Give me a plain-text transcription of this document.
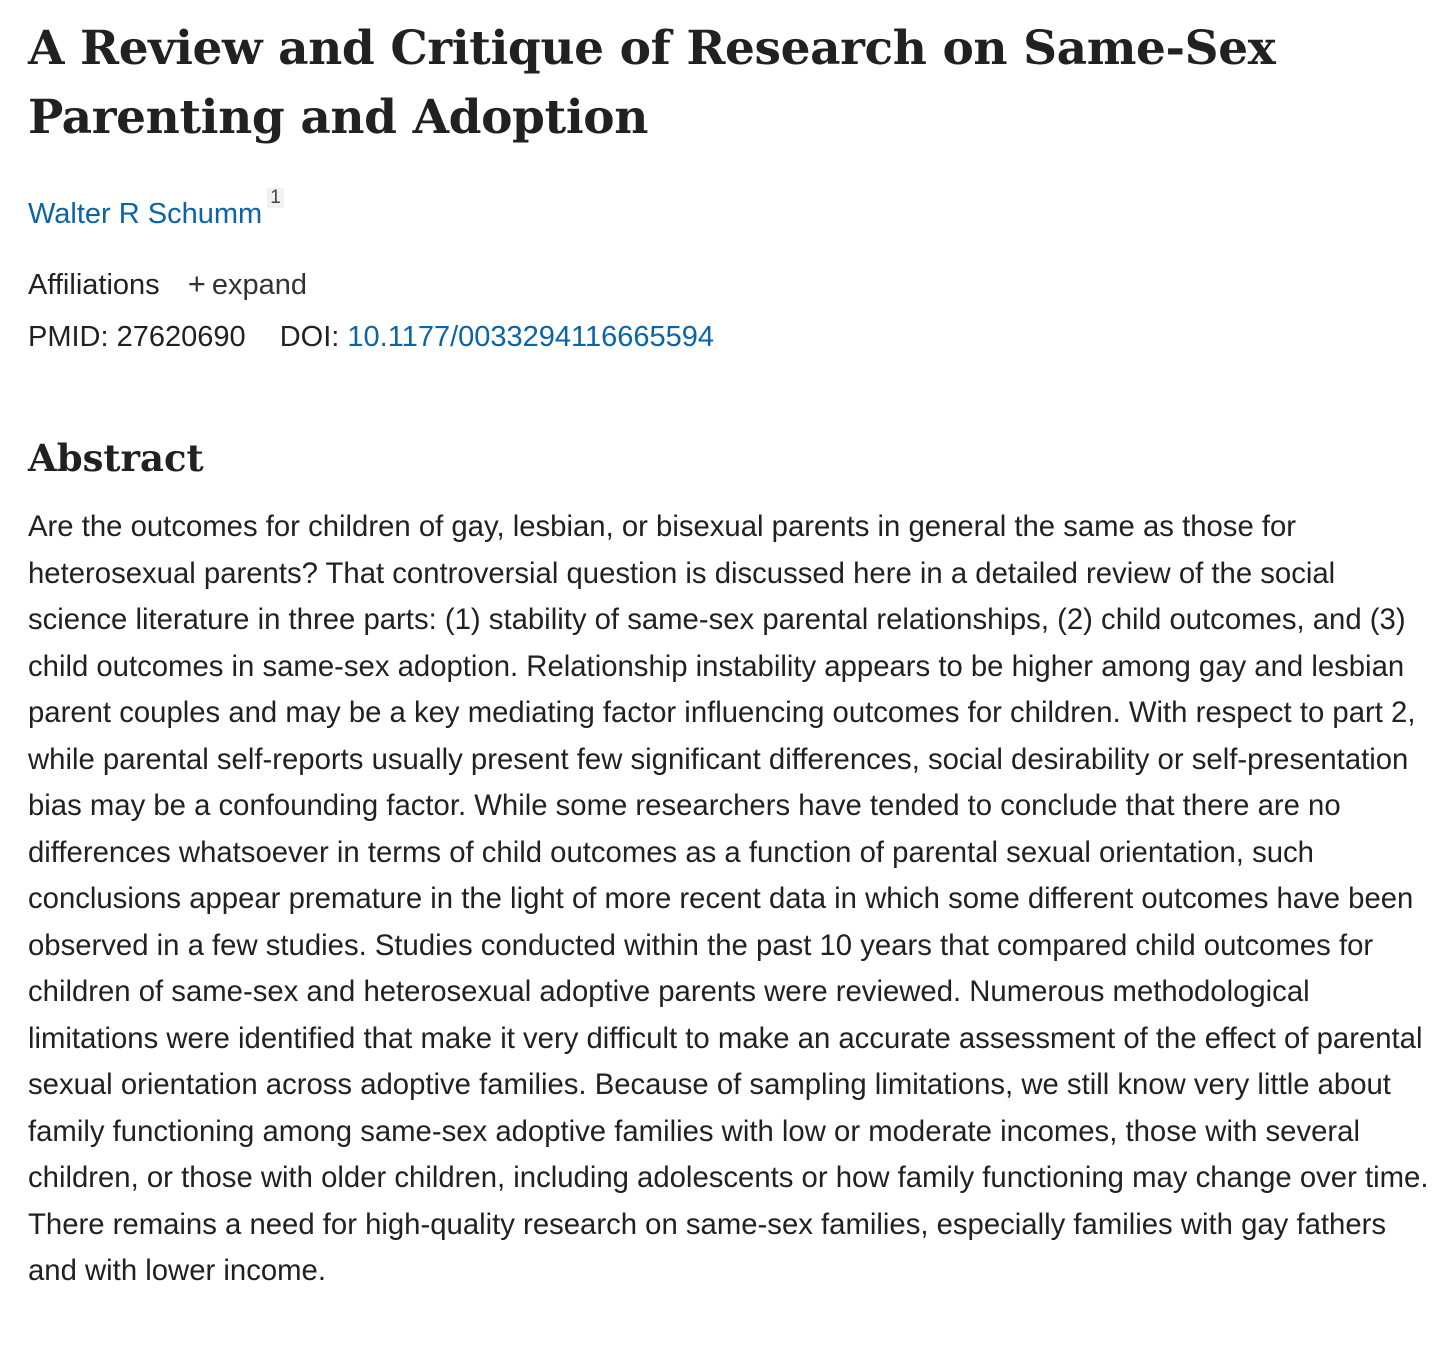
A Review and Critique of Research on Same-Sex Parenting and Adoption
Walter R Schumm1
Affiliations + expand
PMID: 27620690 DOI: 10.1177/0033294116665594
Abstract
Are the outcomes for children of gay, lesbian, or bisexual parents in general the same as those for heterosexual parents? That controversial question is discussed here in a detailed review of the social science literature in three parts: (1) stability of same-sex parental relationships, (2) child outcomes, and (3) child outcomes in same-sex adoption. Relationship instability appears to be higher among gay and lesbian parent couples and may be a key mediating factor influencing outcomes for children. With respect to part 2, while parental self-reports usually present few significant differences, social desirability or self-presentation bias may be a confounding factor. While some researchers have tended to conclude that there are no differences whatsoever in terms of child outcomes as a function of parental sexual orientation, such conclusions appear premature in the light of more recent data in which some different outcomes have been observed in a few studies. Studies conducted within the past 10 years that compared child outcomes for children of same-sex and heterosexual adoptive parents were reviewed. Numerous methodological limitations were identified that make it very difficult to make an accurate assessment of the effect of parental sexual orientation across adoptive families. Because of sampling limitations, we still know very little about family functioning among same-sex adoptive families with low or moderate incomes, those with several children, or those with older children, including adolescents or how family functioning may change over time. There remains a need for high-quality research on same-sex families, especially families with gay fathers and with lower income.
